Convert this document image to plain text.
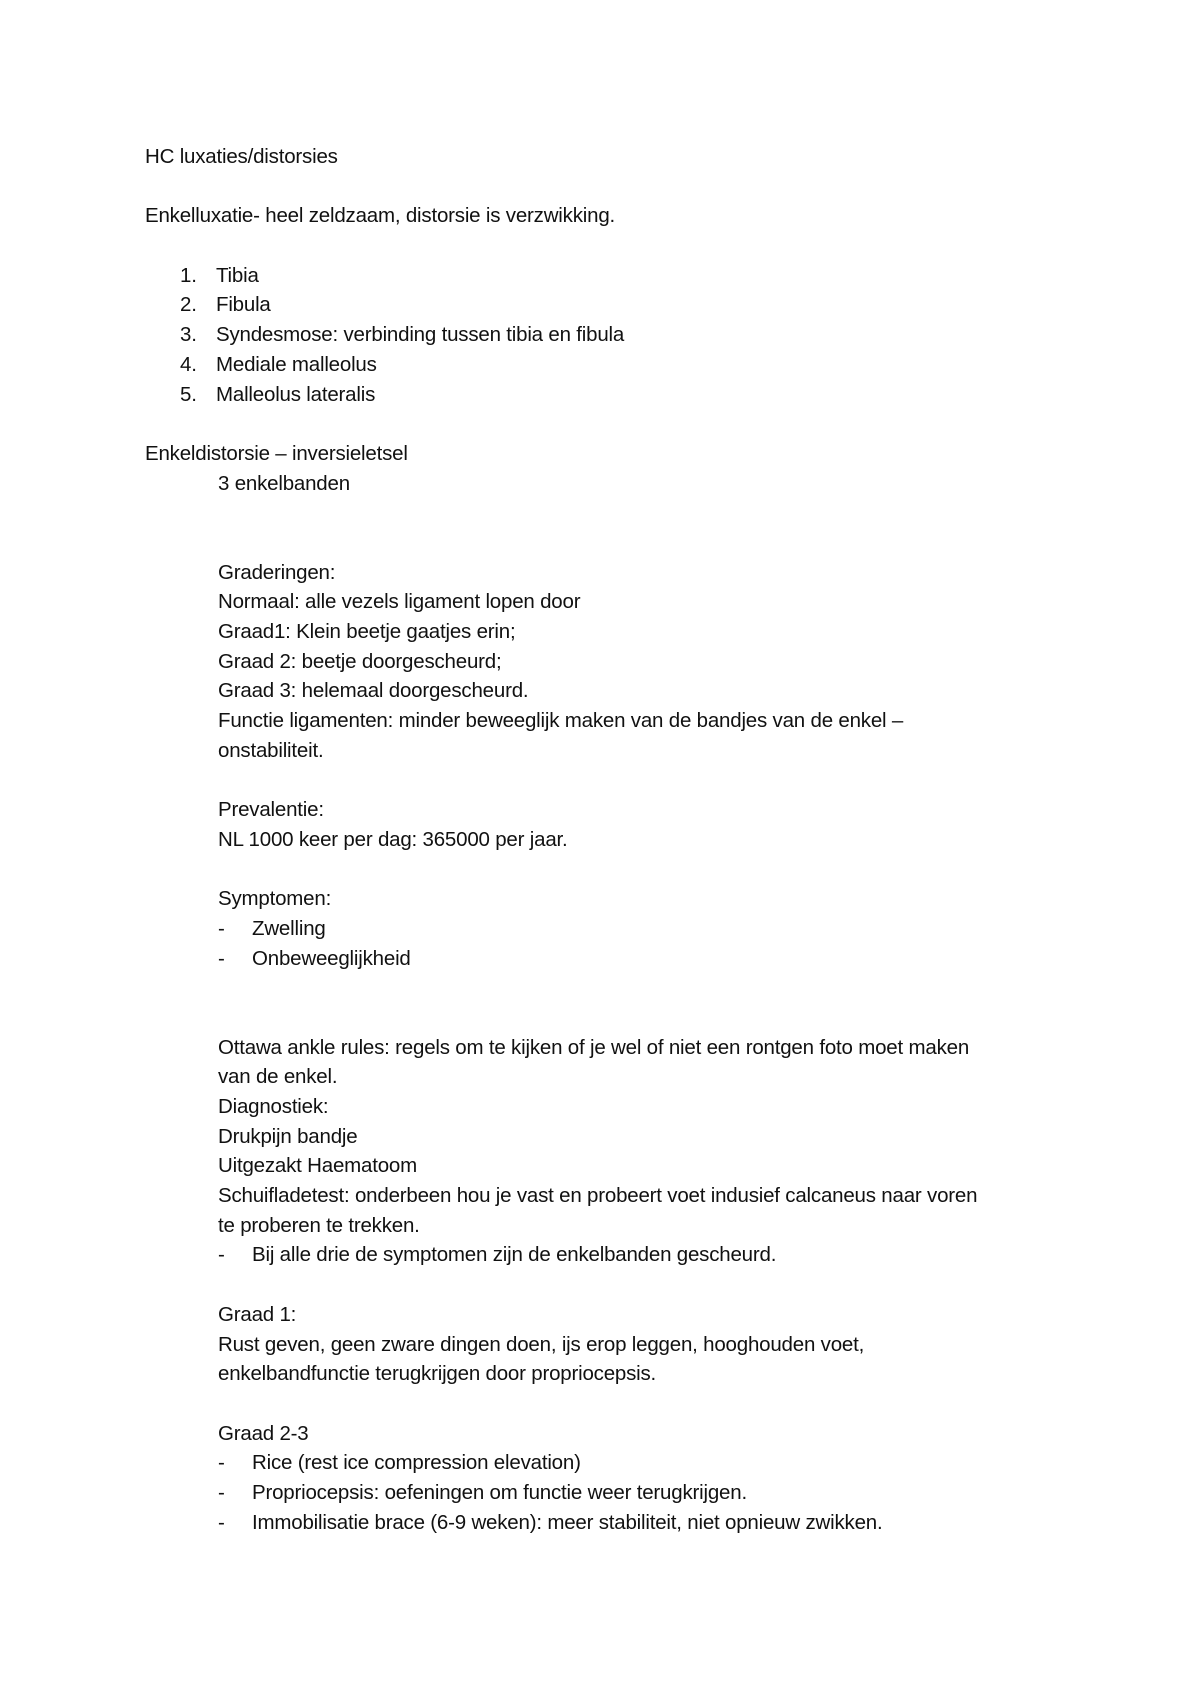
HC luxaties/distorsies
Enkelluxatie- heel zeldzaam, distorsie is verzwikking.
1. Tibia
2. Fibula
3. Syndesmose: verbinding tussen tibia en fibula
4. Mediale malleolus
5. Malleolus lateralis
Enkeldistorsie – inversieletsel
3 enkelbanden
Graderingen:
Normaal: alle vezels ligament lopen door
Graad1: Klein beetje gaatjes erin;
Graad 2: beetje doorgescheurd;
Graad 3: helemaal doorgescheurd.
Functie ligamenten: minder beweeglijk maken van de bandjes van de enkel –
onstabiliteit.
Prevalentie:
NL 1000 keer per dag: 365000 per jaar.
Symptomen:
- Zwelling
- Onbeweeglijkheid
Ottawa ankle rules: regels om te kijken of je wel of niet een rontgen foto moet maken
van de enkel.
Diagnostiek:
Drukpijn bandje
Uitgezakt Haematoom
Schuifladetest: onderbeen hou je vast en probeert voet indusief calcaneus naar voren
te proberen te trekken.
- Bij alle drie de symptomen zijn de enkelbanden gescheurd.
Graad 1:
Rust geven, geen zware dingen doen, ijs erop leggen, hooghouden voet,
enkelbandfunctie terugkrijgen door propriocepsis.
Graad 2-3
- Rice (rest ice compression elevation)
- Propriocepsis: oefeningen om functie weer terugkrijgen.
- Immobilisatie brace (6-9 weken): meer stabiliteit, niet opnieuw zwikken.
